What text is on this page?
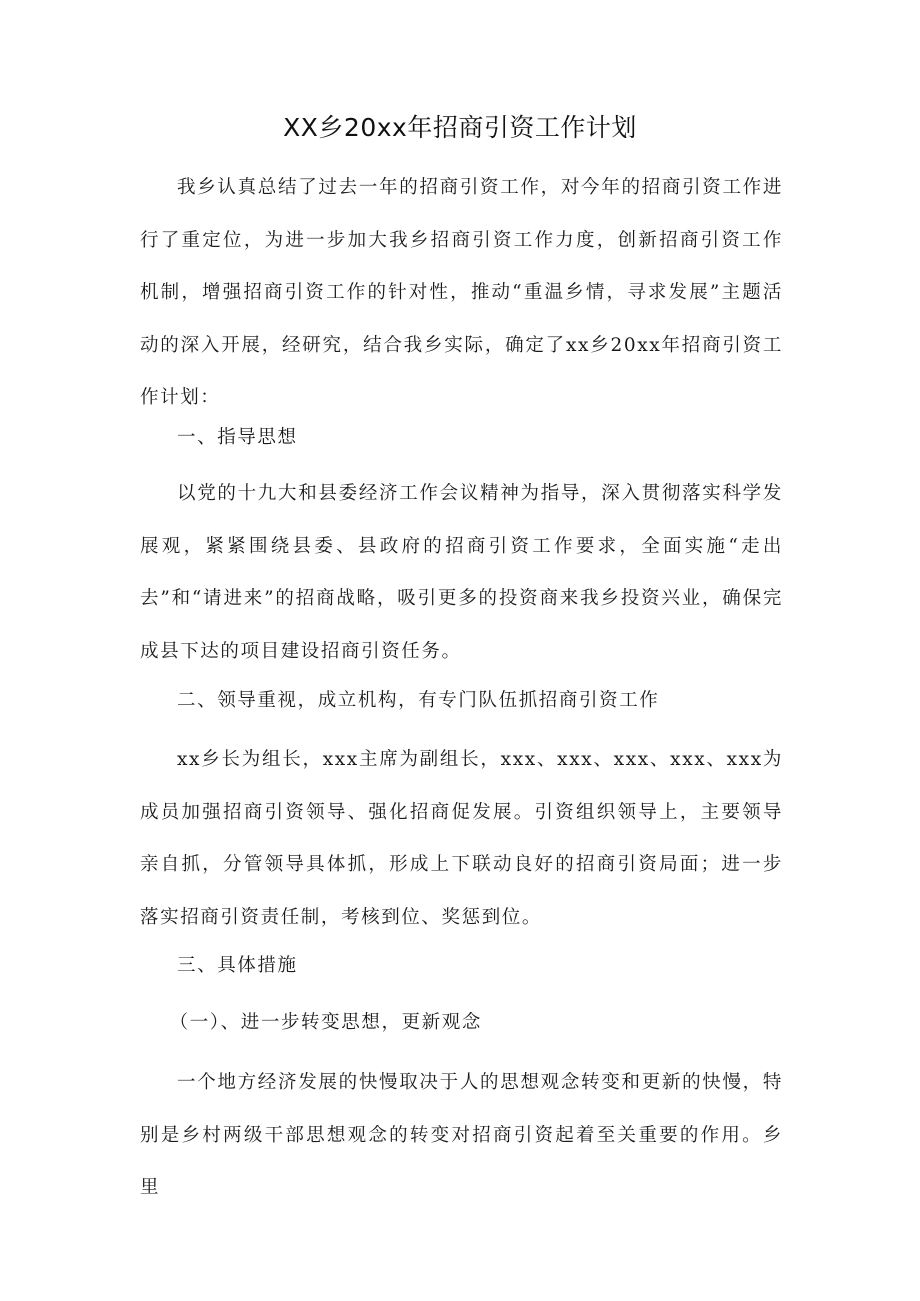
XX乡20xx年招商引资工作计划

我乡认真总结了过去一年的招商引资工作，对今年的招商引资工作进行了重定位，为进一步加大我乡招商引资工作力度，创新招商引资工作机制，增强招商引资工作的针对性，推动“重温乡情，寻求发展”主题活动的深入开展，经研究，结合我乡实际，确定了xx乡20xx年招商引资工作计划：

一、指导思想

以党的十九大和县委经济工作会议精神为指导，深入贯彻落实科学发展观，紧紧围绕县委、县政府的招商引资工作要求，全面实施“走出去”和“请进来”的招商战略，吸引更多的投资商来我乡投资兴业，确保完成县下达的项目建设招商引资任务。

二、领导重视，成立机构，有专门队伍抓招商引资工作

xx乡长为组长，xxx主席为副组长，xxx、xxx、xxx、xxx、xxx为成员加强招商引资领导、强化招商促发展。引资组织领导上，主要领导亲自抓，分管领导具体抓，形成上下联动良好的招商引资局面；进一步落实招商引资责任制，考核到位、奖惩到位。

三、具体措施

（一）、进一步转变思想，更新观念

一个地方经济发展的快慢取决于人的思想观念转变和更新的快慢，特别是乡村两级干部思想观念的转变对招商引资起着至关重要的作用。乡里
